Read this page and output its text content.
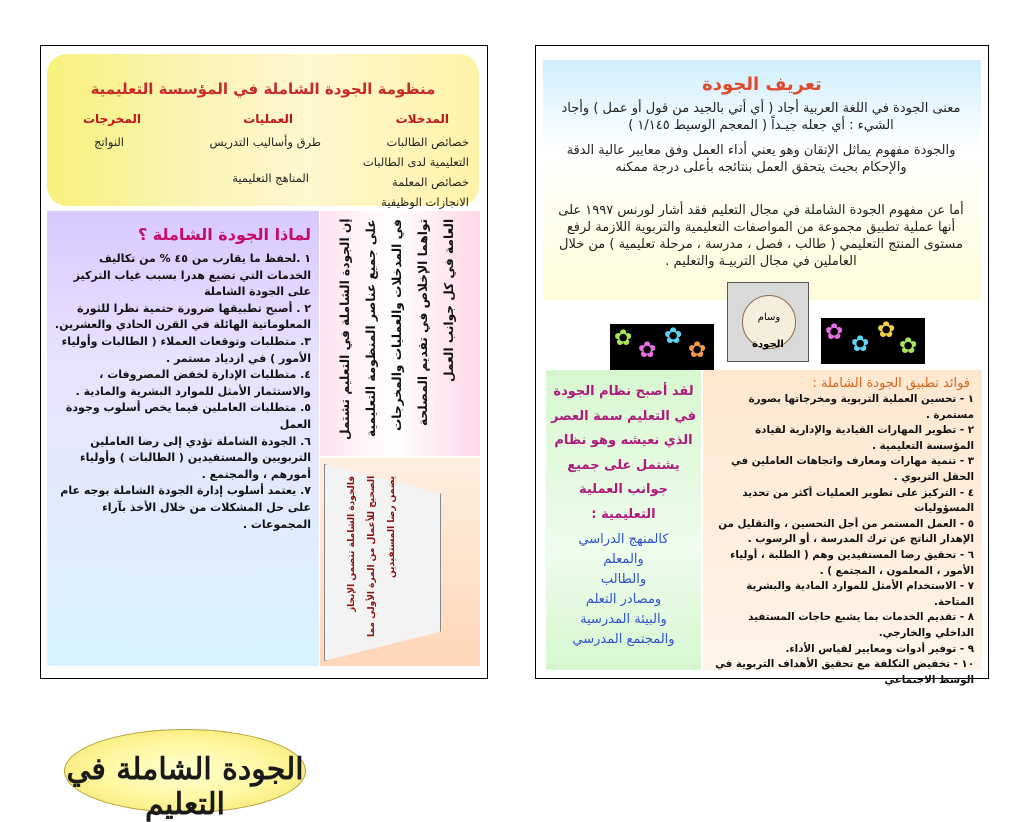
منظومة الجودة الشاملة في المؤسسة التعليمية
المدخلات
العمليات
المخرجات
خصائص الطالبات
التعليمية لدى الطالبات
خصائص المعلمة
الانجازات الوظيفية
طرق وأساليب التدريس
المناهج التعليمية
النواتج
لماذا الجودة الشاملة ؟
١ .لحفظ ما يقارب من ٤٥ % من تكاليف الخدمات التي تضيع هدرا بسبب غياب التركيز على الجودة الشاملة
٢ . أصبح تطبيقها ضرورة حتمية نظرا للثورة المعلوماتية الهائلة في القرن الحادي والعشرين.
٣. متطلبات وتوقعات العملاء ( الطالبات وأولياء الأمور ) في ازدياد مستمر .
٤. متطلبات الإدارة لخفض المصروفات ، والاستثمار الأمثل للموارد البشرية والمادية .
٥. متطلبات العاملين فيما يخص أسلوب وجودة العمل
٦. الجودة الشاملة تؤدي إلى رضا العاملين التربويين والمستفيدين ( الطالبات ) وأولياء أمورهم ، والمجتمع .
٧. يعتمد أسلوب إدارة الجودة الشاملة بوجه عام على حل المشكلات من خلال الأخذ بآراء المجموعات .
الجودة الشاملة في التعليم
إن الجودة الشاملة في التعليم تشتمل على جميع عناصر المنظومة التعليمية في المدخلات والعمليات والمخرجات تواهما الإخلاص في تقديم المصلحة العامة في كل جوانب العمل
فالجودة الشاملة تتضمن الإنجاز الصحيح للأعمال من المرة الأولى مما يضمن رضا المستفيدين
تعريف الجودة
معنى الجودة في اللغة العربية أجاد ( أي أتي بالجيد من قول أو عمل ) وأجاد الشيء : أي جعله جيـداً ( المعجم الوسيط ١/١٤٥ )
والجودة مفهوم يماثل الإتقان وهو يعني أداء العمل وفق معايير عالية الدقة والإحكام بحيث يتحقق العمل بنتائجه بأعلى درجة ممكنه
أما عن مفهوم الجودة الشاملة في مجال التعليم فقد أشار لورنس ١٩٩٧ على أنها عملية تطبيق مجموعة من المواصفات التعليمية والتربوية اللازمة لرفع مستوى المنتج التعليمي ( طالب ، فصل ، مدرسة ، مرحلة تعليمية ) من خلال العاملين في مجال التربيـة والتعليم .
✿ ✿
✿
✿
✿ ✿
✿
✿
وسام
الجودة
لقد أصبح نظام الجودة في التعليم سمة العصر الذي نعيشه وهو نظام يشتمل على جميع جوانب العملية التعليمية :
كالمنهج الدراسي
والمعلم
والطالب
ومصادر التعلم
والبيئة المدرسية
والمجتمع المدرسي
فوائد تطبيق الجودة الشاملة :
١ - تحسين العملية التربوية ومخرجاتها بصورة مستمرة .
٢ - تطوير المهارات القيادية والإدارية لقيادة المؤسسة التعليمية .
٣ - تنمية مهارات ومعارف واتجاهات العاملين في الحقل التربوي .
٤ - التركيز على تطوير العمليات أكثر من تحديد المسؤوليات
٥ - العمل المستمر من أجل التحسين ، والتقليل من الإهدار الناتج عن ترك المدرسة ، أو الرسوب .
٦ - تحقيق رضا المستفيدين وهم ( الطلبة ، أولياء الأمور ، المعلمون ، المجتمع ) .
٧ - الاستخدام الأمثل للموارد المادية والبشرية المتاحة.
٨ - تقديم الخدمات بما يشبع حاجات المستفيد الداخلي والخارجي.
٩ - توفير أدوات ومعايير لقياس الأداء.
١٠ - تخفيض التكلفة مع تحقيق الأهداف التربوية في الوسط الاجتماعي
